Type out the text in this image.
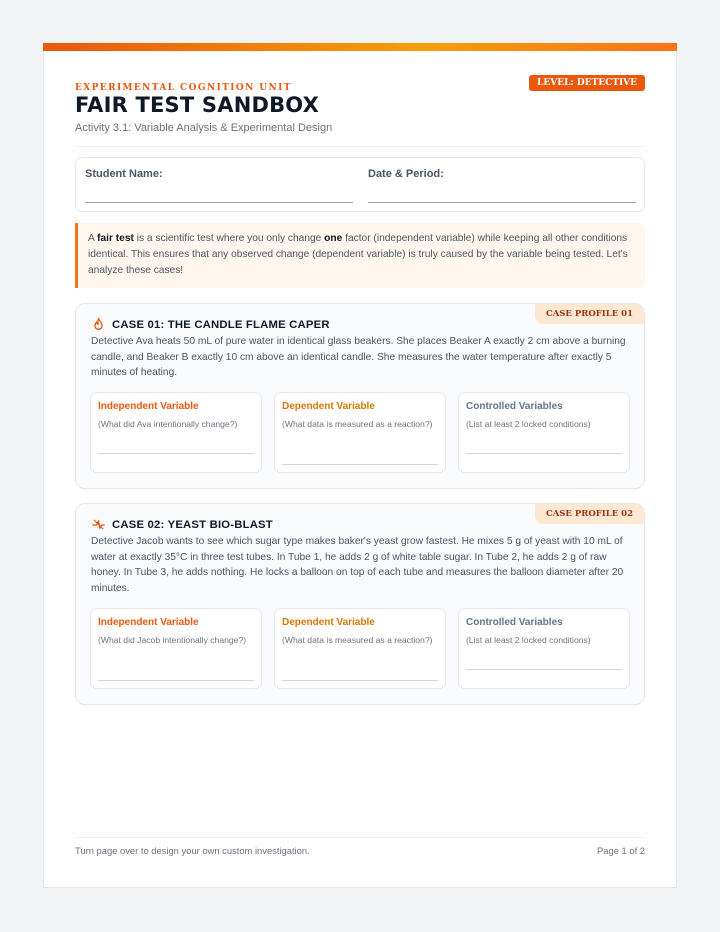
EXPERIMENTAL COGNITION UNIT	LEVEL: DETECTIVE
FAIR TEST SANDBOX
Activity 3.1: Variable Analysis & Experimental Design
Student Name:	Date & Period:
A fair test is a scientific test where you only change one factor (independent variable) while keeping all other conditions identical. This ensures that any observed change (dependent variable) is truly caused by the variable being tested. Let's analyze these cases!
CASE PROFILE 01
CASE 01: THE CANDLE FLAME CAPER
Detective Ava heats 50 mL of pure water in identical glass beakers. She places Beaker A exactly 2 cm above a burning candle, and Beaker B exactly 10 cm above an identical candle. She measures the water temperature after exactly 5 minutes of heating.
Independent Variable
(What did Ava intentionally change?)
Dependent Variable
(What data is measured as a reaction?)
Controlled Variables
(List at least 2 locked conditions)
CASE PROFILE 02
CASE 02: YEAST BIO-BLAST
Detective Jacob wants to see which sugar type makes baker's yeast grow fastest. He mixes 5 g of yeast with 10 mL of water at exactly 35°C in three test tubes. In Tube 1, he adds 2 g of white table sugar. In Tube 2, he adds 2 g of raw honey. In Tube 3, he adds nothing. He locks a balloon on top of each tube and measures the balloon diameter after 20 minutes.
Independent Variable
(What did Jacob intentionally change?)
Dependent Variable
(What data is measured as a reaction?)
Controlled Variables
(List at least 2 locked conditions)
Turn page over to design your own custom investigation.	Page 1 of 2
